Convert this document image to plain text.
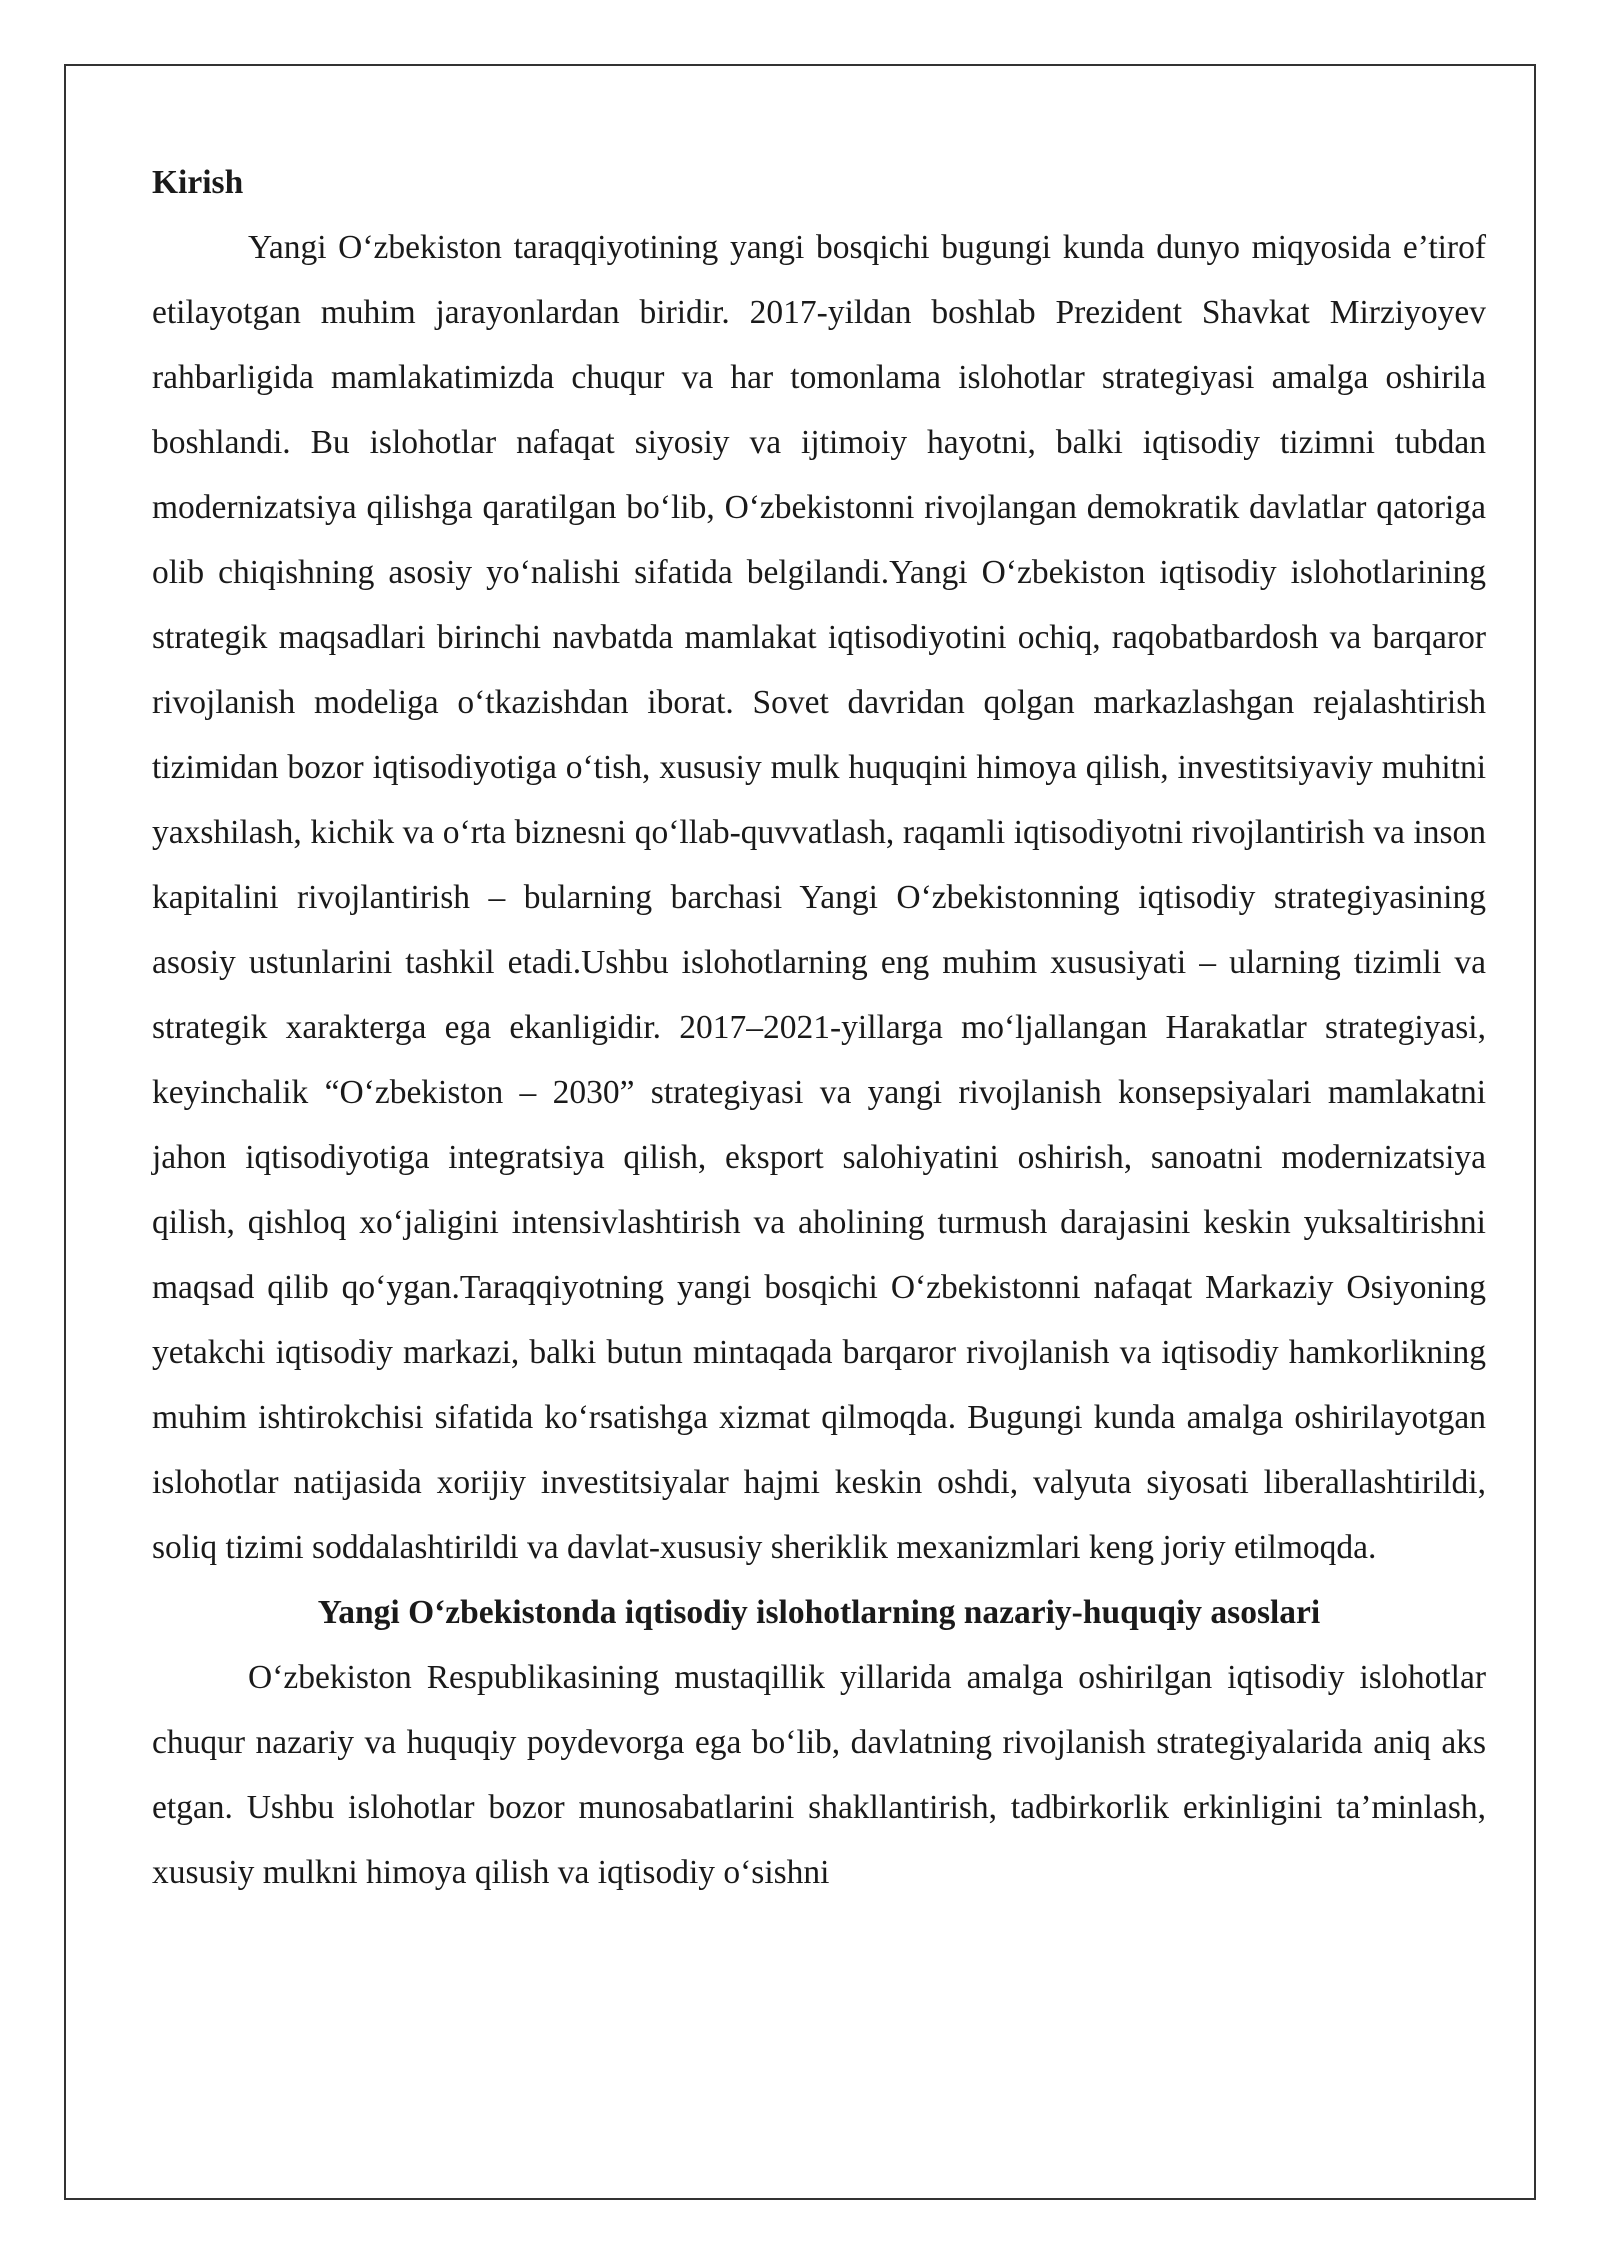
Kirish

Yangi O‘zbekiston taraqqiyotining yangi bosqichi bugungi kunda dunyo miqyosida e’tirof etilayotgan muhim jarayonlardan biridir. 2017-yildan boshlab Prezident Shavkat Mirziyoyev rahbarligida mamlakatimizda chuqur va har tomonlama islohotlar strategiyasi amalga oshirila boshlandi. Bu islohotlar nafaqat siyosiy va ijtimoiy hayotni, balki iqtisodiy tizimni tubdan modernizatsiya qilishga qaratilgan bo‘lib, O‘zbekistonni rivojlangan demokratik davlatlar qatoriga olib chiqishning asosiy yo‘nalishi sifatida belgilandi.Yangi O‘zbekiston iqtisodiy islohotlarining strategik maqsadlari birinchi navbatda mamlakat iqtisodiyotini ochiq, raqobatbardosh va barqaror rivojlanish modeliga o‘tkazishdan iborat. Sovet davridan qolgan markazlashgan rejalashtirish tizimidan bozor iqtisodiyotiga o‘tish, xususiy mulk huquqini himoya qilish, investitsiyaviy muhitni yaxshilash, kichik va o‘rta biznesni qo‘llab-quvvatlash, raqamli iqtisodiyotni rivojlantirish va inson kapitalini rivojlantirish – bularning barchasi Yangi O‘zbekistonning iqtisodiy strategiyasining asosiy ustunlarini tashkil etadi.Ushbu islohotlarning eng muhim xususiyati – ularning tizimli va strategik xarakterga ega ekanligidir. 2017–2021-yillarga mo‘ljallangan Harakatlar strategiyasi, keyinchalik “O‘zbekiston – 2030” strategiyasi va yangi rivojlanish konsepsiyalari mamlakatni jahon iqtisodiyotiga integratsiya qilish, eksport salohiyatini oshirish, sanoatni modernizatsiya qilish, qishloq xo‘jaligini intensivlashtirish va aholining turmush darajasini keskin yuksaltirishni maqsad qilib qo‘ygan.Taraqqiyotning yangi bosqichi O‘zbekistonni nafaqat Markaziy Osiyoning yetakchi iqtisodiy markazi, balki butun mintaqada barqaror rivojlanish va iqtisodiy hamkorlikning muhim ishtirokchisi sifatida ko‘rsatishga xizmat qilmoqda. Bugungi kunda amalga oshirilayotgan islohotlar natijasida xorijiy investitsiyalar hajmi keskin oshdi, valyuta siyosati liberallashtirildi, soliq tizimi soddalashtirildi va davlat-xususiy sheriklik mexanizmlari keng joriy etilmoqda.

Yangi O‘zbekistonda iqtisodiy islohotlarning nazariy-huquqiy asoslari

O‘zbekiston Respublikasining mustaqillik yillarida amalga oshirilgan iqtisodiy islohotlar chuqur nazariy va huquqiy poydevorga ega bo‘lib, davlatning rivojlanish strategiyalarida aniq aks etgan. Ushbu islohotlar bozor munosabatlarini shakllantirish, tadbirkorlik erkinligini ta’minlash, xususiy mulkni himoya qilish va iqtisodiy o‘sishni
